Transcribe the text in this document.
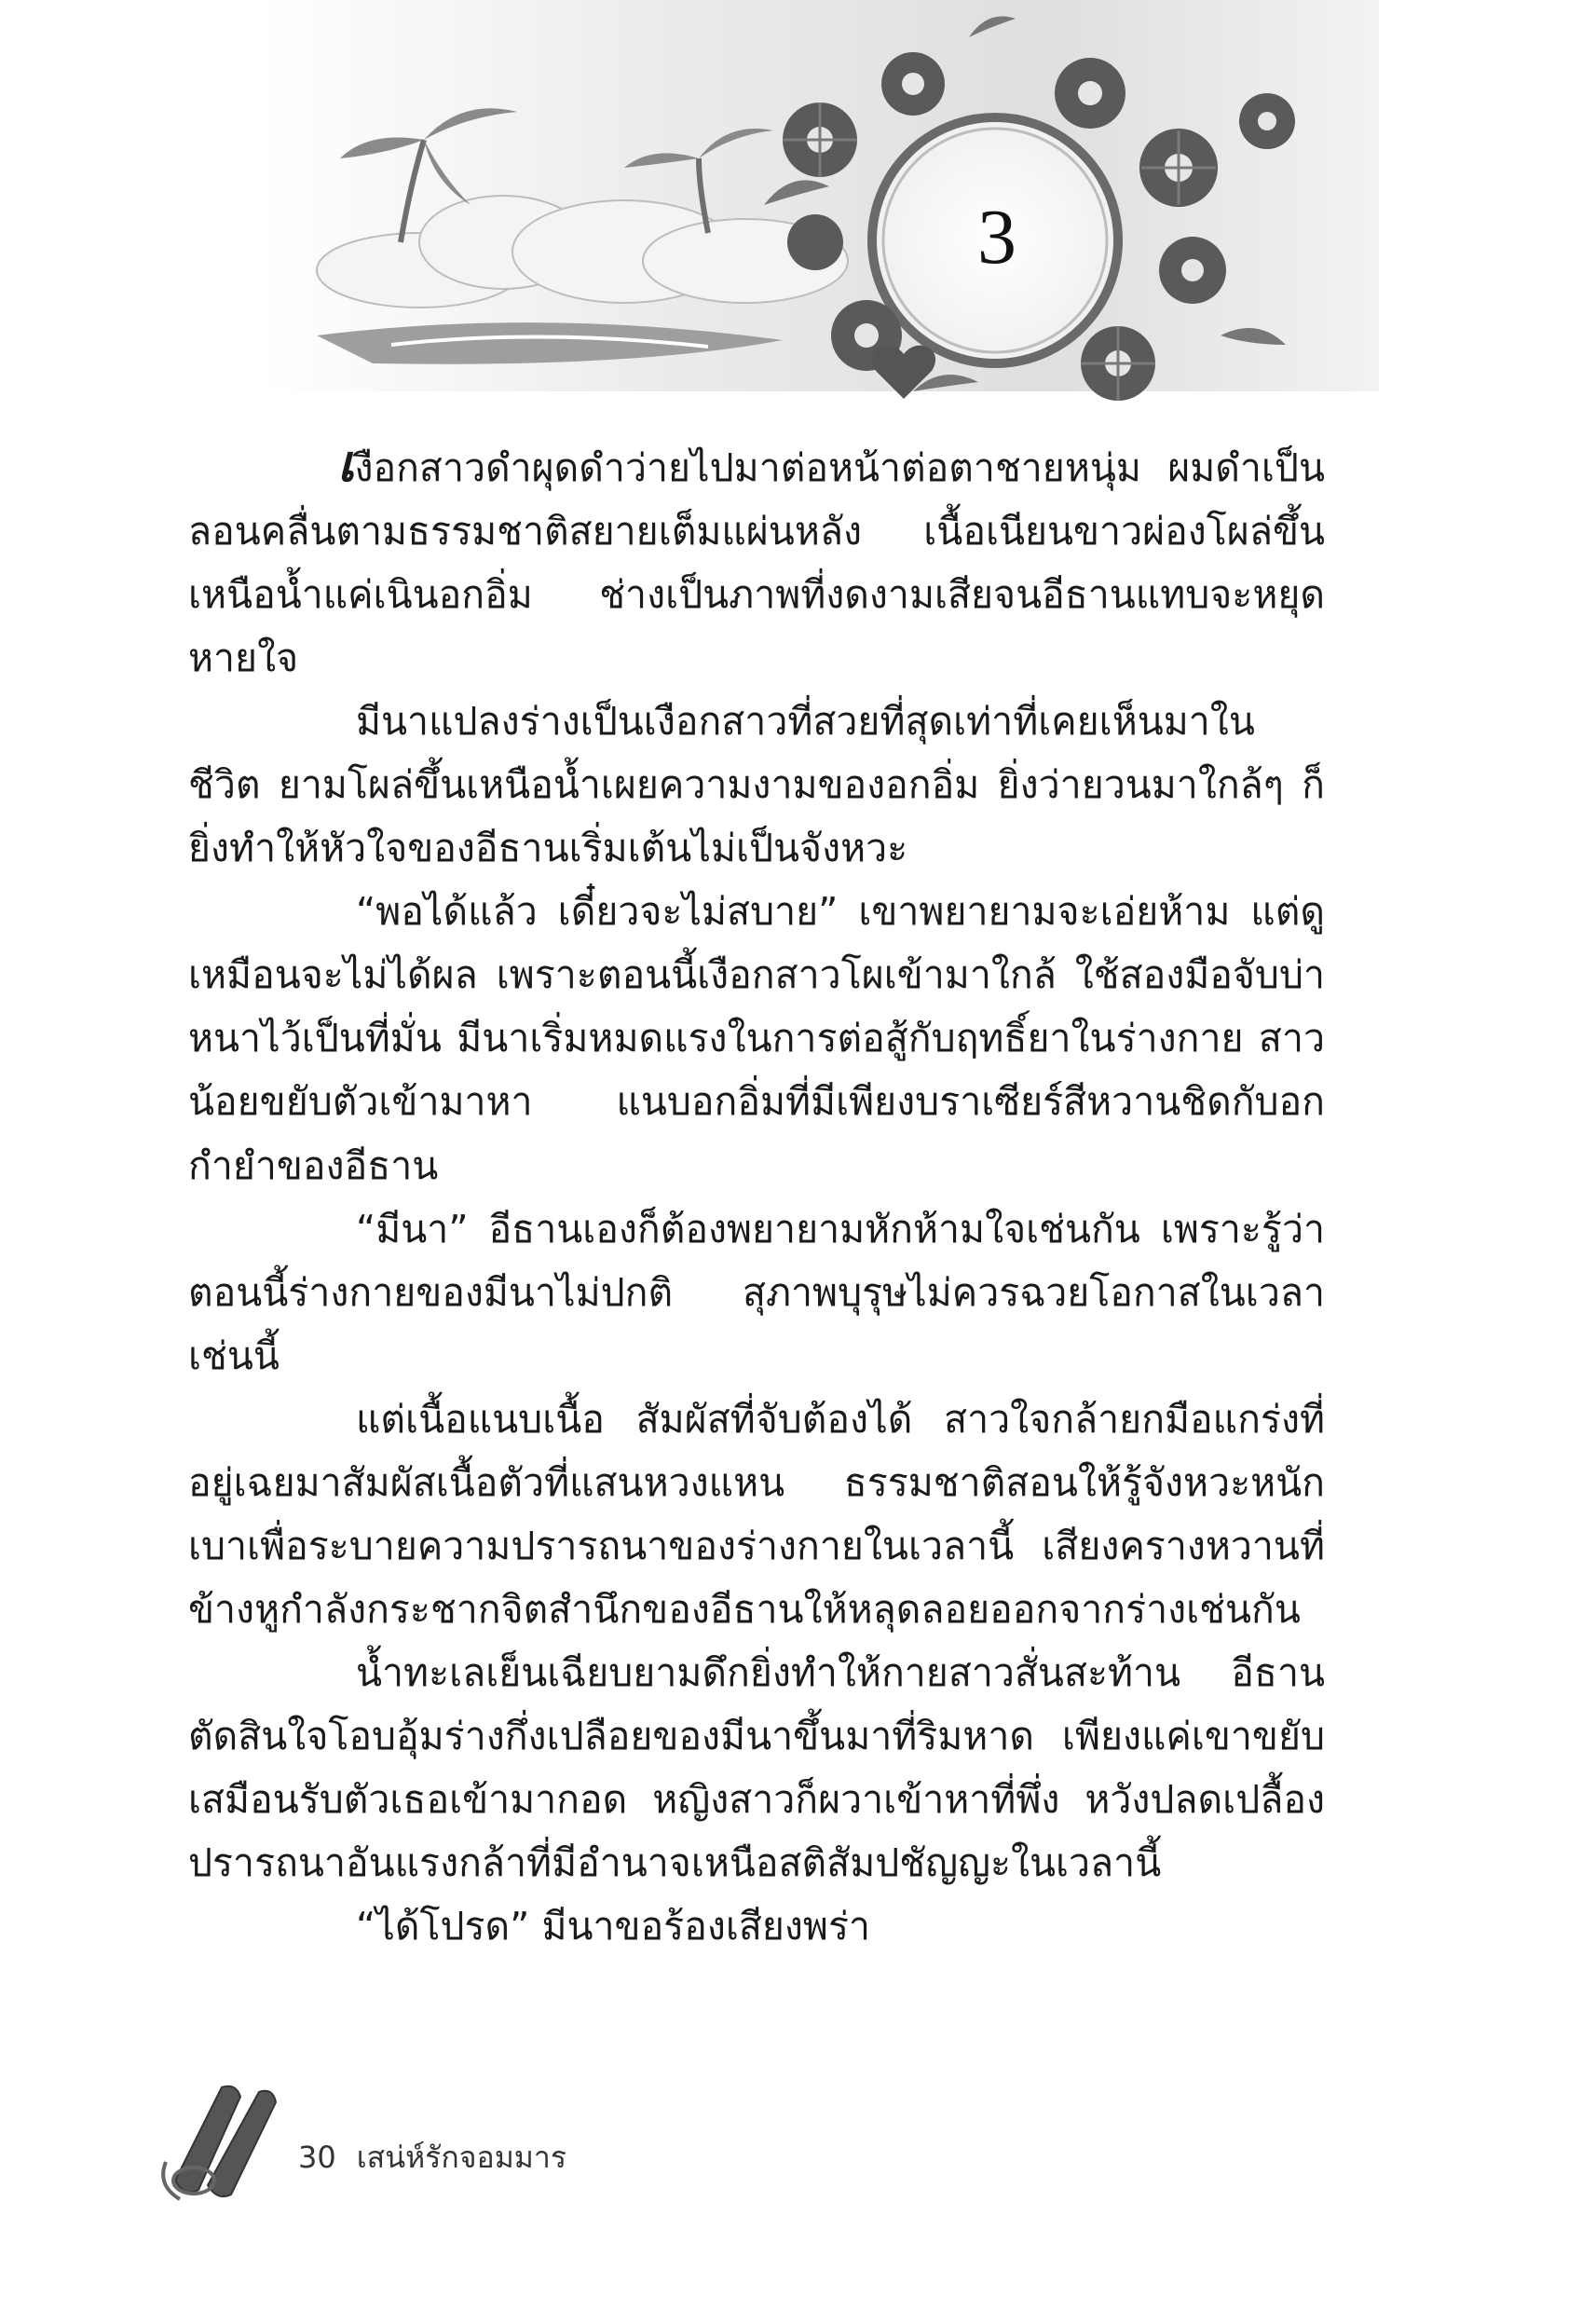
3

เงือกสาวดำผุดดำว่ายไปมาต่อหน้าต่อตาชายหนุ่ม ผมดำเป็นลอนคลื่นตามธรรมชาติสยายเต็มแผ่นหลัง เนื้อเนียนขาวผ่องโผล่ขึ้นเหนือน้ำแค่เนินอกอิ่ม ช่างเป็นภาพที่งดงามเสียจนอีธานแทบจะหยุดหายใจ

มีนาแปลงร่างเป็นเงือกสาวที่สวยที่สุดเท่าที่เคยเห็นมาในชีวิต ยามโผล่ขึ้นเหนือน้ำเผยความงามของอกอิ่ม ยิ่งว่ายวนมาใกล้ๆ ก็ยิ่งทำให้หัวใจของอีธานเริ่มเต้นไม่เป็นจังหวะ

“พอได้แล้ว เดี๋ยวจะไม่สบาย” เขาพยายามจะเอ่ยห้าม แต่ดูเหมือนจะไม่ได้ผล เพราะตอนนี้เงือกสาวโผเข้ามาใกล้ ใช้สองมือจับบ่าหนาไว้เป็นที่มั่น มีนาเริ่มหมดแรงในการต่อสู้กับฤทธิ์ยาในร่างกาย สาวน้อยขยับตัวเข้ามาหา แนบอกอิ่มที่มีเพียงบราเซียร์สีหวานชิดกับอกกำยำของอีธาน

“มีนา” อีธานเองก็ต้องพยายามหักห้ามใจเช่นกัน เพราะรู้ว่าตอนนี้ร่างกายของมีนาไม่ปกติ สุภาพบุรุษไม่ควรฉวยโอกาสในเวลาเช่นนี้

แต่เนื้อแนบเนื้อ สัมผัสที่จับต้องได้ สาวใจกล้ายกมือแกร่งที่อยู่เฉยมาสัมผัสเนื้อตัวที่แสนหวงแหน ธรรมชาติสอนให้รู้จังหวะหนักเบาเพื่อระบายความปรารถนาของร่างกายในเวลานี้ เสียงครางหวานที่ข้างหูกำลังกระชากจิตสำนึกของอีธานให้หลุดลอยออกจากร่างเช่นกัน

น้ำทะเลเย็นเฉียบยามดึกยิ่งทำให้กายสาวสั่นสะท้าน อีธานตัดสินใจโอบอุ้มร่างกึ่งเปลือยของมีนาขึ้นมาที่ริมหาด เพียงแค่เขาขยับเสมือนรับตัวเธอเข้ามากอด หญิงสาวก็ผวาเข้าหาที่พึ่ง หวังปลดเปลื้องปรารถนาอันแรงกล้าที่มีอำนาจเหนือสติสัมปชัญญะในเวลานี้

“ได้โปรด” มีนาขอร้องเสียงพร่า

30 เสน่ห์รักจอมมาร
